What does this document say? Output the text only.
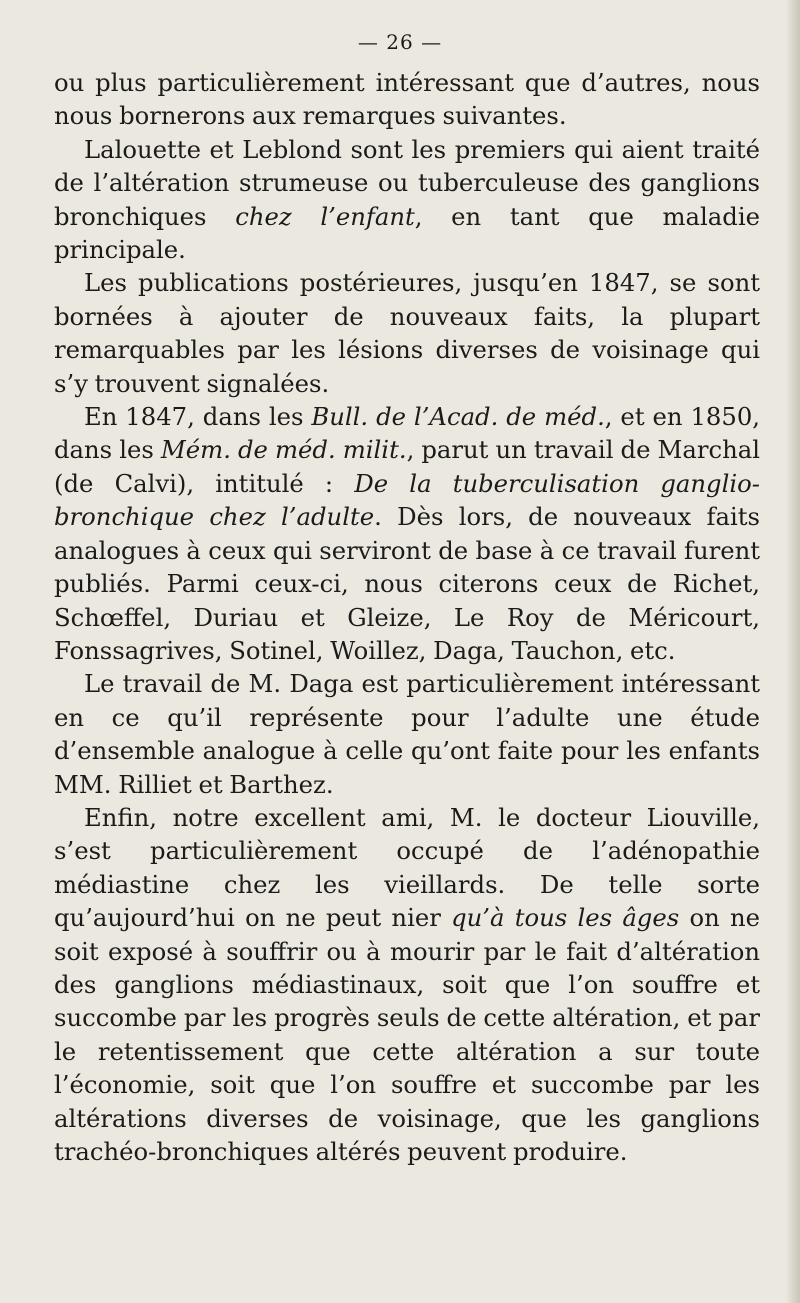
— 26 —

ou plus particulièrement intéressant que d’autres, nous nous bornerons aux remarques suivantes.

Lalouette et Leblond sont les premiers qui aient traité de l’altération strumeuse ou tuberculeuse des ganglions bronchiques chez l’enfant, en tant que maladie principale.

Les publications postérieures, jusqu’en 1847, se sont bornées à ajouter de nouveaux faits, la plupart remarquables par les lésions diverses de voisinage qui s’y trouvent signalées.

En 1847, dans les Bull. de l’Acad. de méd., et en 1850, dans les Mém. de méd. milit., parut un travail de Marchal (de Calvi), intitulé : De la tuberculisation ganglio-bronchique chez l’adulte. Dès lors, de nouveaux faits analogues à ceux qui serviront de base à ce travail furent publiés. Parmi ceux-ci, nous citerons ceux de Richet, Schœffel, Duriau et Gleize, Le Roy de Méricourt, Fonssagrives, Sotinel, Woillez, Daga, Tauchon, etc.

Le travail de M. Daga est particulièrement intéressant en ce qu’il représente pour l’adulte une étude d’ensemble analogue à celle qu’ont faite pour les enfants MM. Rilliet et Barthez.

Enfin, notre excellent ami, M. le docteur Liouville, s’est particulièrement occupé de l’adénopathie médiastine chez les vieillards. De telle sorte qu’aujourd’hui on ne peut nier qu’à tous les âges on ne soit exposé à souffrir ou à mourir par le fait d’altération des ganglions médiastinaux, soit que l’on souffre et succombe par les progrès seuls de cette altération, et par le retentissement que cette altération a sur toute l’économie, soit que l’on souffre et succombe par les altérations diverses de voisinage, que les ganglions trachéo-bronchiques altérés peuvent produire.
